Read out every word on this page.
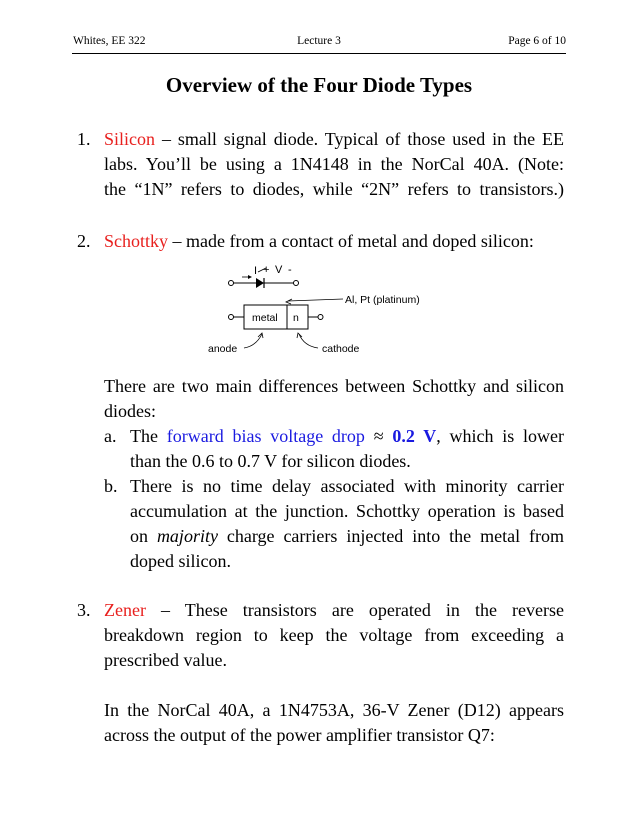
Whites, EE 322	Lecture 3	Page 6 of 10
Overview of the Four Diode Types
1. Silicon – small signal diode. Typical of those used in the EE
labs. You’ll be using a 1N4148 in the NorCal 40A. (Note:
the “1N” refers to diodes, while “2N” refers to transistors.)
2. Schottky – made from a contact of metal and doped silicon:
I + V -
Al, Pt (platinum)
metal n
anode	cathode
There are two main differences between Schottky and silicon
diodes:
a. The forward bias voltage drop ≈ 0.2 V, which is lower
than the 0.6 to 0.7 V for silicon diodes.
b. There is no time delay associated with minority carrier
accumulation at the junction. Schottky operation is based
on majority charge carriers injected into the metal from
doped silicon.
3. Zener – These transistors are operated in the reverse
breakdown region to keep the voltage from exceeding a
prescribed value.
In the NorCal 40A, a 1N4753A, 36-V Zener (D12) appears
across the output of the power amplifier transistor Q7:
